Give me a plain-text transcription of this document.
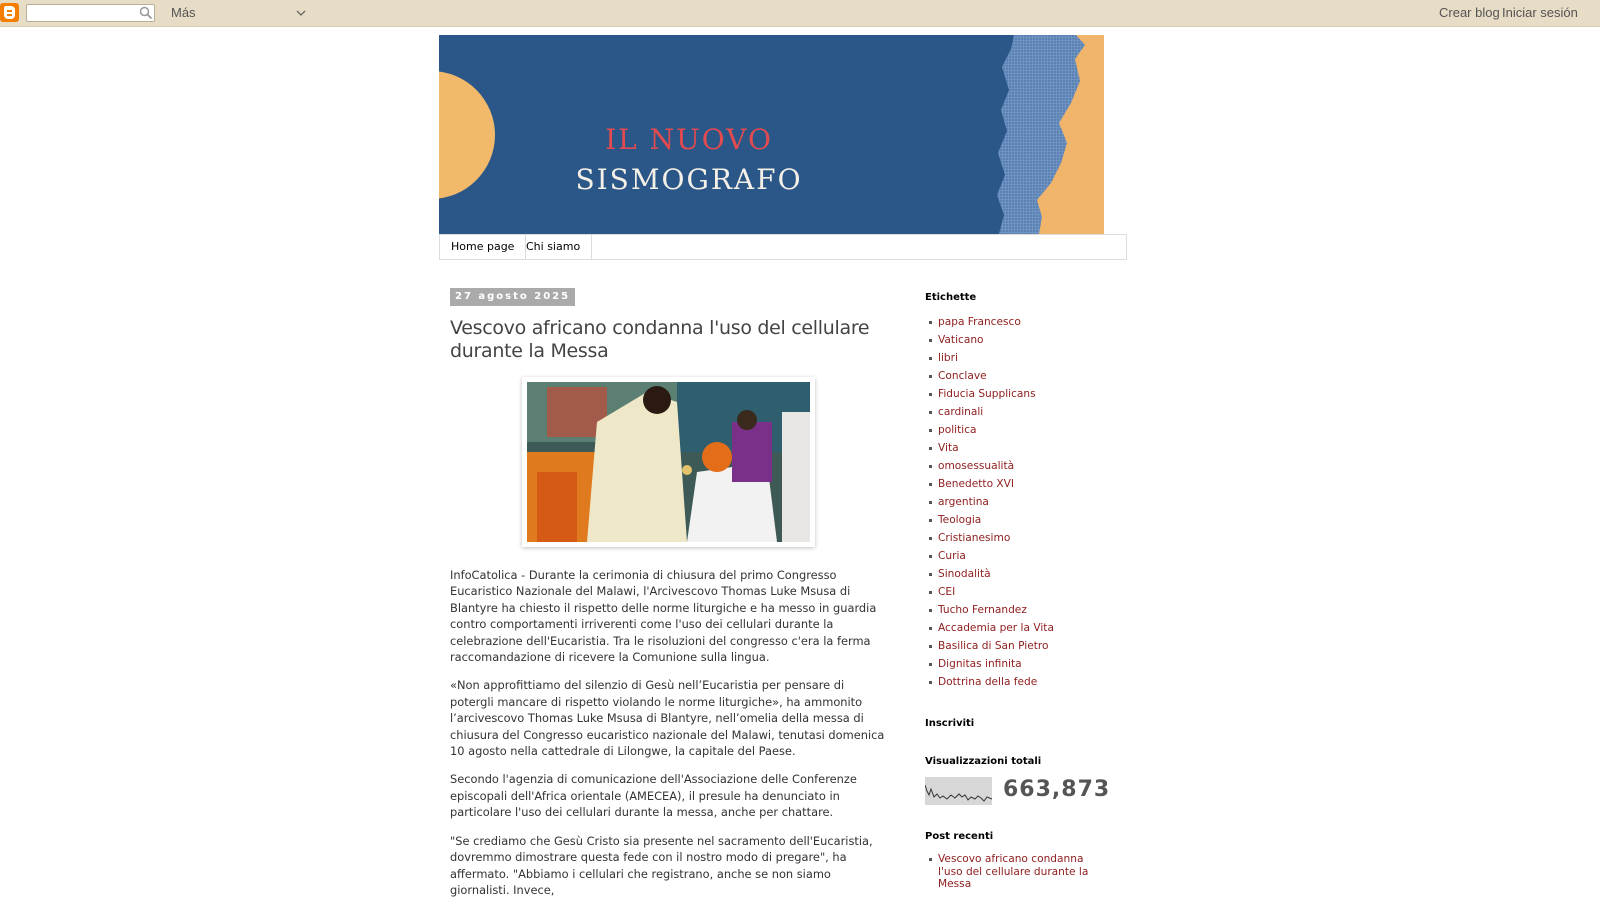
Más	Crear blog Iniciar sesión
IL NUOVO
SISMOGRAFO
Home page	Chi siamo
27 agosto 2025
Vescovo africano condanna l'uso del cellulare durante la Messa

InfoCatolica - Durante la cerimonia di chiusura del primo Congresso Eucaristico Nazionale del Malawi, l'Arcivescovo Thomas Luke Msusa di Blantyre ha chiesto il rispetto delle norme liturgiche e ha messo in guardia contro comportamenti irriverenti come l'uso dei cellulari durante la celebrazione dell'Eucaristia. Tra le risoluzioni del congresso c'era la ferma raccomandazione di ricevere la Comunione sulla lingua.

«Non approfittiamo del silenzio di Gesù nell’Eucaristia per pensare di potergli mancare di rispetto violando le norme liturgiche», ha ammonito l’arcivescovo Thomas Luke Msusa di Blantyre, nell’omelia della messa di chiusura del Congresso eucaristico nazionale del Malawi, tenutasi domenica 10 agosto nella cattedrale di Lilongwe, la capitale del Paese.

Secondo l'agenzia di comunicazione dell'Associazione delle Conferenze episcopali dell'Africa orientale (AMECEA), il presule ha denunciato in particolare l'uso dei cellulari durante la messa, anche per chattare.

"Se crediamo che Gesù Cristo sia presente nel sacramento dell'Eucaristia, dovremmo dimostrare questa fede con il nostro modo di pregare", ha affermato. "Abbiamo i cellulari che registrano, anche se non siamo giornalisti. Invece,

Etichette
papa Francesco
Vaticano
libri
Conclave
Fiducia Supplicans
cardinali
politica
Vita
omosessualità
Benedetto XVI
argentina
Teologia
Cristianesimo
Curia
Sinodalità
CEI
Tucho Fernandez
Accademia per la Vita
Basilica di San Pietro
Dignitas infinita
Dottrina della fede
Inscriviti
Visualizzazioni totali
663,873
Post recenti
Vescovo africano condanna l'uso del cellulare durante la Messa
